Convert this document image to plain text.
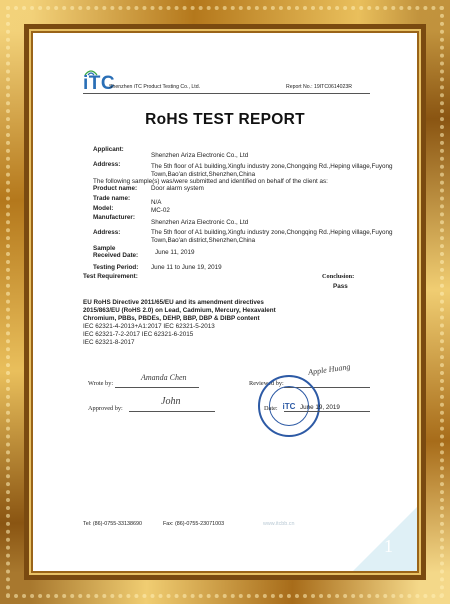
iTC
Shenzhen iTC Product Testing Co., Ltd.	Report No.: 19ITC0614023R
RoHS TEST REPORT
Applicant:
Shenzhen Ariza Electronic Co., Ltd
Address:	The 5th floor of A1 building,Xingfu industry zone,Chongqing Rd.,Heping village,Fuyong
Town,Bao'an district,Shenzhen,China
The following sample(s) was/were submitted and identified on behalf of the client as:
Product name: Door alarm system
Trade name:
N/A
Model:	MC-02
Manufacturer:
Shenzhen Ariza Electronic Co., Ltd
Address:	The 5th floor of A1 building,Xingfu industry zone,Chongqing Rd.,Heping village,Fuyong
Town,Bao'an district,Shenzhen,China
Sample
Received Date:	June 11, 2019
Testing Period: June 11 to June 19, 2019
Test Requirement:	Conclusion:
Pass
EU RoHS Directive 2011/65/EU and its amendment directives
2015/863/EU (RoHS 2.0) on Lead, Cadmium, Mercury, Hexavalent
Chromium, PBBs, PBDEs, DEHP, BBP, DBP & DIBP content
IEC 62321-4-2013+A1:2017 IEC 62321-5-2013
IEC 62321-7-2-2017 IEC 62321-6-2015
IEC 62321-8-2017
Wrote by:
Amanda Chen
Reviewed by:
Apple Huang
Approved by:
John	iTC
Date:	June 19, 2019
Tel: (86)-0755-33138690	Fax: (86)-0755-23071003	www.itcbb.cn
1
